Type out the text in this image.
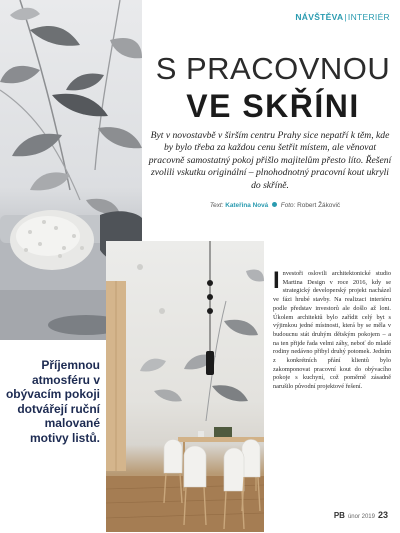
NÁVŠTĚVA|INTERIÉR
S PRACOVNOU
VE SKŘÍNI

Byt v novostavbě v širším centru Prahy sice nepatří k těm, kde by bylo třeba za každou cenu šetřit místem, ale věnovat pracovně samostatný pokoj přišlo majitelům přesto líto. Řešení zvolili vskutku originální – plnohodnotný pracovní kout ukryli do skříně.

Text: Kateřina Nová Foto: Robert Žákovič
Investoři oslovili architektonické studio Martina Design v roce 2016, kdy se strategický developerský projekt nacházel ve fázi hrubé stavby. Na realizaci interiéru podle představ investorů ale došlo až loni. Úkolem architektů bylo zařídit celý byt s výjimkou jedné místnosti, která by se měla v budoucnu stát druhým dětským pokojem – a na ten přijde řada velmi záhy, neboť do mladé rodiny nedávno přibyl druhý potomek. Jedním z konkrétních přání klientů bylo zakomponovat pracovní kout do obývacího pokoje s kuchyní, což poměrně zásadně narušilo původní projektové řešení.
Příjemnou atmosféru v obývacím pokoji dotvářejí ruční malované motivy listů.
PB únor 2019 23
